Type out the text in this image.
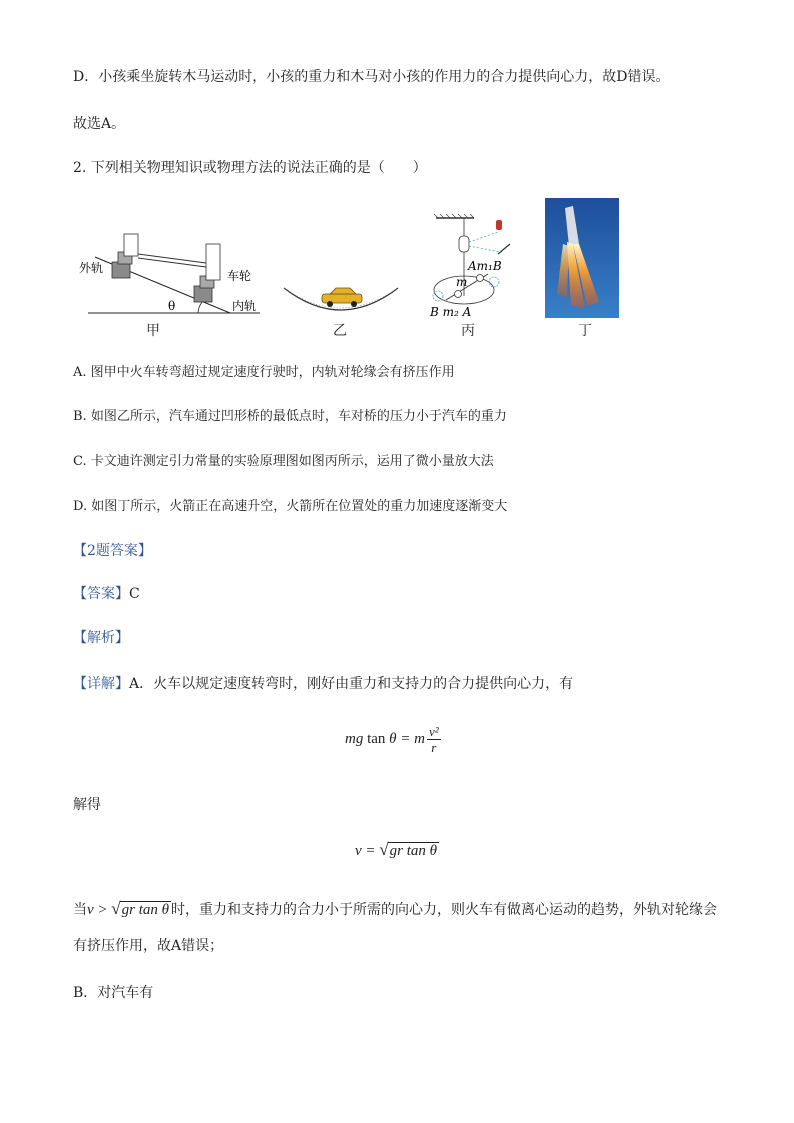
D．小孩乘坐旋转木马运动时，小孩的重力和木马对小孩的作用力的合力提供向心力，故D错误。
故选A。
2. 下列相关物理知识或物理方法的说法正确的是（　　）
外轨
车轮
内轨
θ
甲	乙
Am₁B
m
B m₂ A
丙	丁
A. 图甲中火车转弯超过规定速度行驶时，内轨对轮缘会有挤压作用
B. 如图乙所示，汽车通过凹形桥的最低点时，车对桥的压力小于汽车的重力
C. 卡文迪许测定引力常量的实验原理图如图丙所示，运用了微小量放大法
D. 如图丁所示，火箭正在高速升空，火箭所在位置处的重力加速度逐渐变大
【2题答案】
【答案】C
【解析】
【详解】A．火车以规定速度转弯时，刚好由重力和支持力的合力提供向心力，有
mg tan θ = m $\frac{\text{v²}}{r}$
解得
v = √gr tan θ
当v > √gr tan θ 时，重力和支持力的合力小于所需的向心力，则火车有做离心运动的趋势，外轨对轮缘会
有挤压作用，故A错误；
B．对汽车有
